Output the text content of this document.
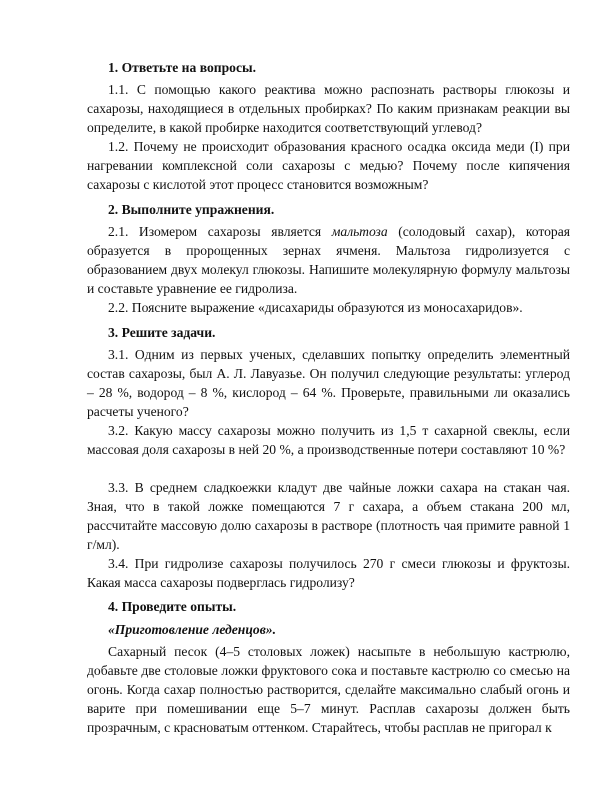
1. Ответьте на вопросы.

1.1. С помощью какого реактива можно распознать растворы глюкозы и сахарозы, находящиеся в отдельных пробирках? По каким признакам реакции вы определите, в какой пробирке находится соответствующий углевод?

1.2. Почему не происходит образования красного осадка оксида меди (I) при нагревании комплексной соли сахарозы с медью? Почему после кипячения сахарозы с кислотой этот процесс становится возможным?

2. Выполните упражнения.

2.1. Изомером сахарозы является мальтоза (солодовый сахар), которая образуется в пророщенных зернах ячменя. Мальтоза гидролизуется с образованием двух молекул глюкозы. Напишите молекулярную формулу мальтозы и составьте уравнение ее гидролиза.

2.2. Поясните выражение «дисахариды образуются из моносахаридов».

3. Решите задачи.

3.1. Одним из первых ученых, сделавших попытку определить элементный состав сахарозы, был А. Л. Лавуазье. Он получил следующие результаты: углерод – 28 %, водород – 8 %, кислород – 64 %. Проверьте, правильными ли оказались расчеты ученого?

3.2. Какую массу сахарозы можно получить из 1,5 т сахарной свеклы, если массовая доля сахарозы в ней 20 %, а производственные потери составляют 10 %?

3.3. В среднем сладкоежки кладут две чайные ложки сахара на стакан чая. Зная, что в такой ложке помещаются 7 г сахара, а объем стакана 200 мл, рассчитайте массовую долю сахарозы в растворе (плотность чая примите равной 1 г/мл).

3.4. При гидролизе сахарозы получилось 270 г смеси глюкозы и фруктозы. Какая масса сахарозы подверглась гидролизу?

4. Проведите опыты.
«Приготовление леденцов».

Сахарный песок (4–5 столовых ложек) насыпьте в небольшую кастрюлю, добавьте две столовые ложки фруктового сока и поставьте кастрюлю со смесью на огонь. Когда сахар полностью растворится, сделайте максимально слабый огонь и варите при помешивании еще 5–7 минут. Расплав сахарозы должен быть прозрачным, с красноватым оттенком. Старайтесь, чтобы расплав не пригорал к
